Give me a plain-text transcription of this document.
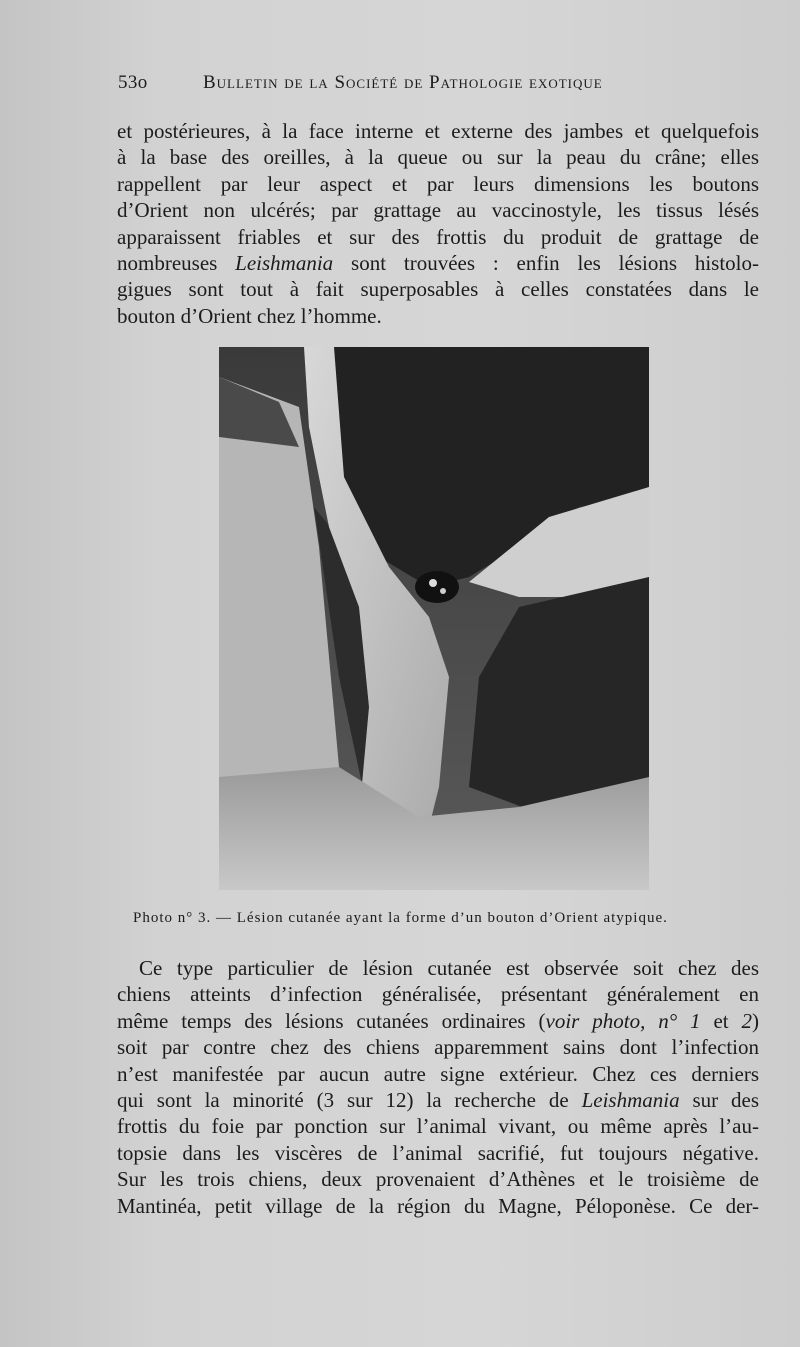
53o	Bulletin de la Société de Pathologie exotique
et postérieures, à la face interne et externe des jambes et quelquefois
à la base des oreilles, à la queue ou sur la peau du crâne; elles
rappellent par leur aspect et par leurs dimensions les boutons
d’Orient non ulcérés; par grattage au vaccinostyle, les tissus lésés
apparaissent friables et sur des frottis du produit de grattage de
nombreuses Leishmania sont trouvées : enfin les lésions histolo-
gigues sont tout à fait superposables à celles constatées dans le
bouton d’Orient chez l’homme.
Photo n° 3. — Lésion cutanée ayant la forme d’un bouton d’Orient atypique.
Ce type particulier de lésion cutanée est observée soit chez des
chiens atteints d’infection généralisée, présentant généralement en
même temps des lésions cutanées ordinaires (voir photo, n° 1 et 2)
soit par contre chez des chiens apparemment sains dont l’infection
n’est manifestée par aucun autre signe extérieur. Chez ces derniers
qui sont la minorité (3 sur 12) la recherche de Leishmania sur des
frottis du foie par ponction sur l’animal vivant, ou même après l’au-
topsie dans les viscères de l’animal sacrifié, fut toujours négative.
Sur les trois chiens, deux provenaient d’Athènes et le troisième de
Mantinéa, petit village de la région du Magne, Péloponèse. Ce der-
